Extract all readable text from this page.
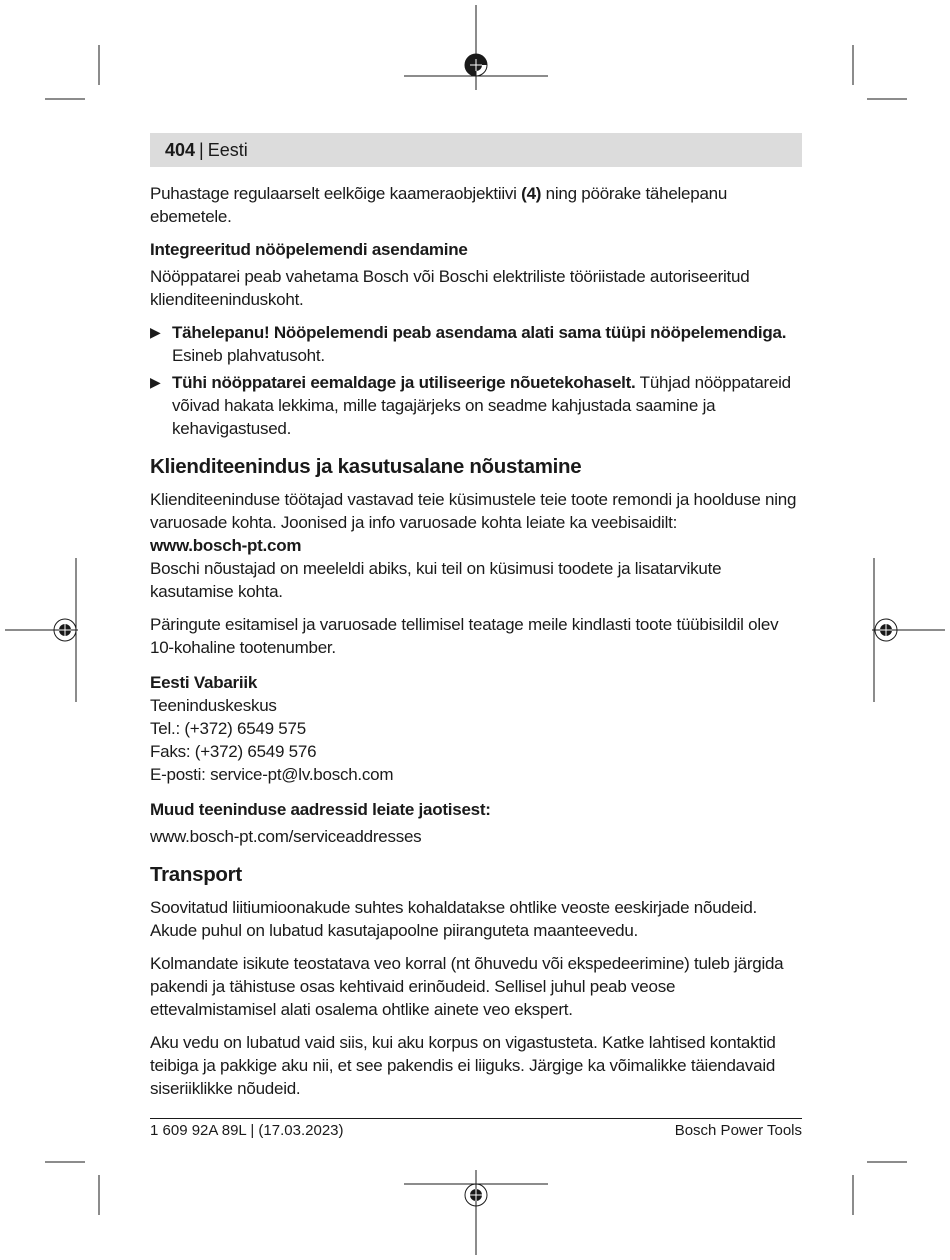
404 | Eesti

Puhastage regulaarselt eelkõige kaameraobjektiivi (4) ning pöörake tähelepanu ebemetele.

Integreeritud nööpelemendi asendamine

Nööppatarei peab vahetama Bosch või Boschi elektriliste tööriistade autoriseeritud klienditeeninduskoht.

▶ Tähelepanu! Nööpelemendi peab asendama alati sama tüüpi nööpelemendiga. Esineb plahvatusoht.
▶ Tühi nööppatarei eemaldage ja utiliseerige nõuetekohaselt. Tühjad nööppatareid võivad hakata lekkima, mille tagajärjeks on seadme kahjustada saamine ja kehavigastused.
Klienditeenindus ja kasutusalane nõustamine

Klienditeeninduse töötajad vastavad teie küsimustele teie toote remondi ja hoolduse ning varuosade kohta. Joonised ja info varuosade kohta leiate ka veebisaidilt:

www.bosch-pt.com

Boschi nõustajad on meeleldi abiks, kui teil on küsimusi toodete ja lisatarvikute kasutamise kohta.

Päringute esitamisel ja varuosade tellimisel teatage meile kindlasti toote tüübisildil olev 10-kohaline tootenumber.

Eesti Vabariik
Teeninduskeskus
Tel.: (+372) 6549 575
Faks: (+372) 6549 576
E-posti: service-pt@lv.bosch.com
Muud teeninduse aadressid leiate jaotisest:

www.bosch-pt.com/serviceaddresses

Transport

Soovitatud liitiumioonakude suhtes kohaldatakse ohtlike veoste eeskirjade nõudeid. Akude puhul on lubatud kasutajapoolne piiranguteta maanteevedu.

Kolmandate isikute teostatava veo korral (nt õhuvedu või ekspedeerimine) tuleb järgida pakendi ja tähistuse osas kehtivaid erinõudeid. Sellisel juhul peab veose ettevalmistamisel alati osalema ohtlike ainete veo ekspert.

Aku vedu on lubatud vaid siis, kui aku korpus on vigastusteta. Katke lahtised kontaktid teibiga ja pakkige aku nii, et see pakendis ei liiguks. Järgige ka võimalikke täiendavaid siseriiklikke nõudeid.

1 609 92A 89L | (17.03.2023)	Bosch Power Tools
